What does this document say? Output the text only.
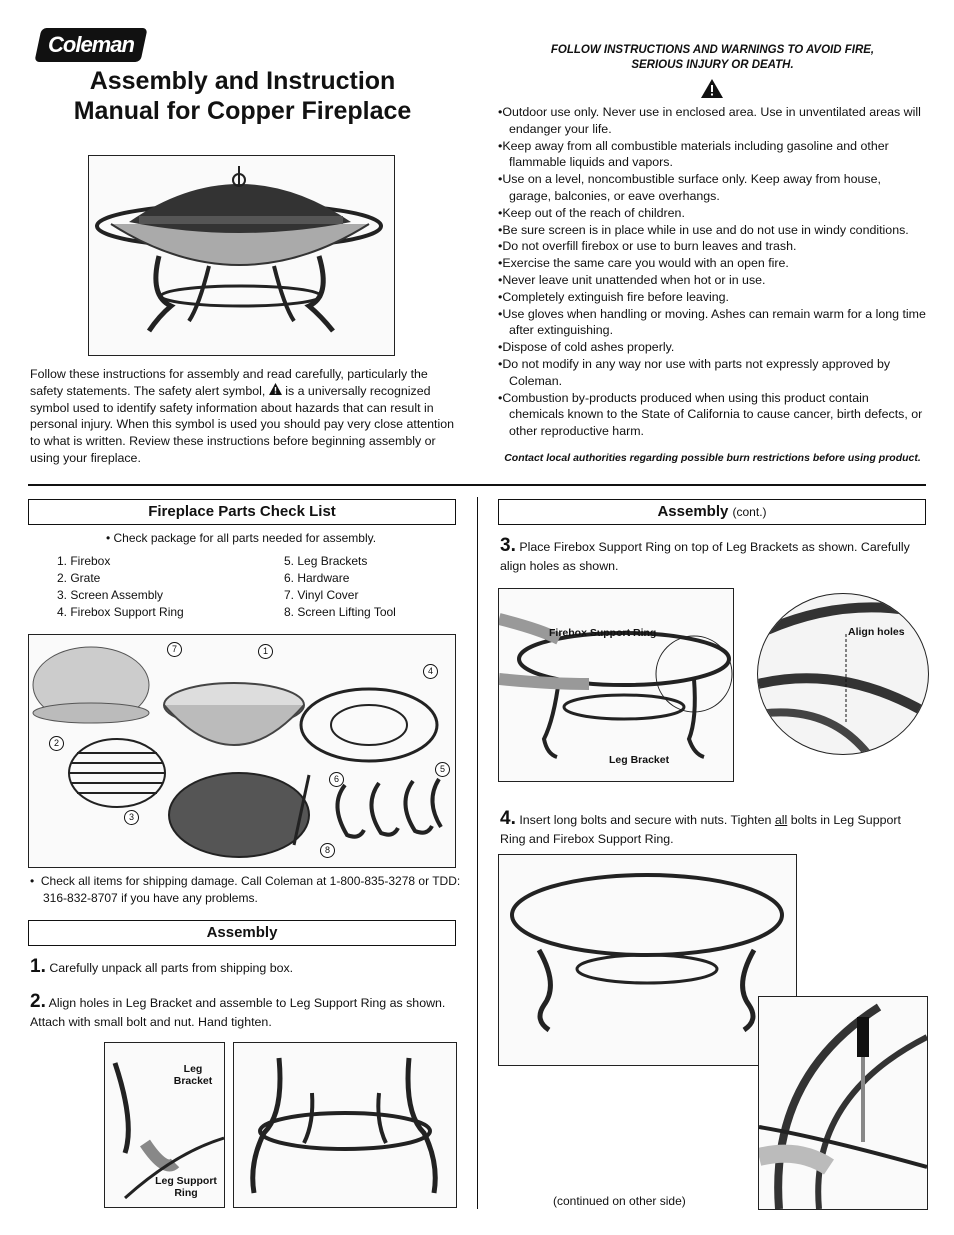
Coleman
Assembly and Instruction
Manual for Copper Fireplace
Follow these instructions for assembly and read carefully, particularly the safety statements. The safety alert symbol, is a universally recognized symbol used to identify safety information about hazards that can result in personal injury. When this symbol is used you should pay very close attention to what is written. Review these instructions before beginning assembly or using your fireplace.
FOLLOW INSTRUCTIONS AND WARNINGS TO AVOID FIRE,
SERIOUS INJURY OR DEATH.
• Outdoor use only. Never use in enclosed area. Use in unventilated areas will endanger your life.
• Keep away from all combustible materials including gasoline and other flammable liquids and vapors.
• Use on a level, noncombustible surface only. Keep away from house, garage, balconies, or eave overhangs.
• Keep out of the reach of children.
• Be sure screen is in place while in use and do not use in windy conditions.
• Do not overfill firebox or use to burn leaves and trash.
• Exercise the same care you would with an open fire.
• Never leave unit unattended when hot or in use.
• Completely extinguish fire before leaving.
• Use gloves when handling or moving. Ashes can remain warm for a long time after extinguishing.
• Dispose of cold ashes properly.
• Do not modify in any way nor use with parts not expressly approved by Coleman.
• Combustion by-products produced when using this product contain chemicals known to the State of California to cause cancer, birth defects, or other reproductive harm.
Contact local authorities regarding possible burn restrictions before using product.
Fireplace Parts Check List
• Check package for all parts needed for assembly.
1. Firebox
2. Grate
3. Screen Assembly
4. Firebox Support Ring
5. Leg Brackets
6. Hardware
7. Vinyl Cover
8. Screen Lifting Tool
7	1
4
2
6
5
3
8
•  Check all items for shipping damage. Call Coleman at 1-800-835-3278 or TDD: 316-832-8707 if you have any problems.
Assembly
1. Carefully unpack all parts from shipping box.
2. Align holes in Leg Bracket and assemble to Leg Support Ring as shown. Attach with small bolt and nut. Hand tighten.
Leg
Bracket
Leg Support
Ring
Assembly (cont.)
3. Place Firebox Support Ring on top of Leg Brackets as shown. Carefully align holes as shown.
Firebox Support Ring
Leg Bracket
Align holes
4. Insert long bolts and secure with nuts. Tighten all bolts in Leg Support Ring and Firebox Support Ring.
(continued on other side)
